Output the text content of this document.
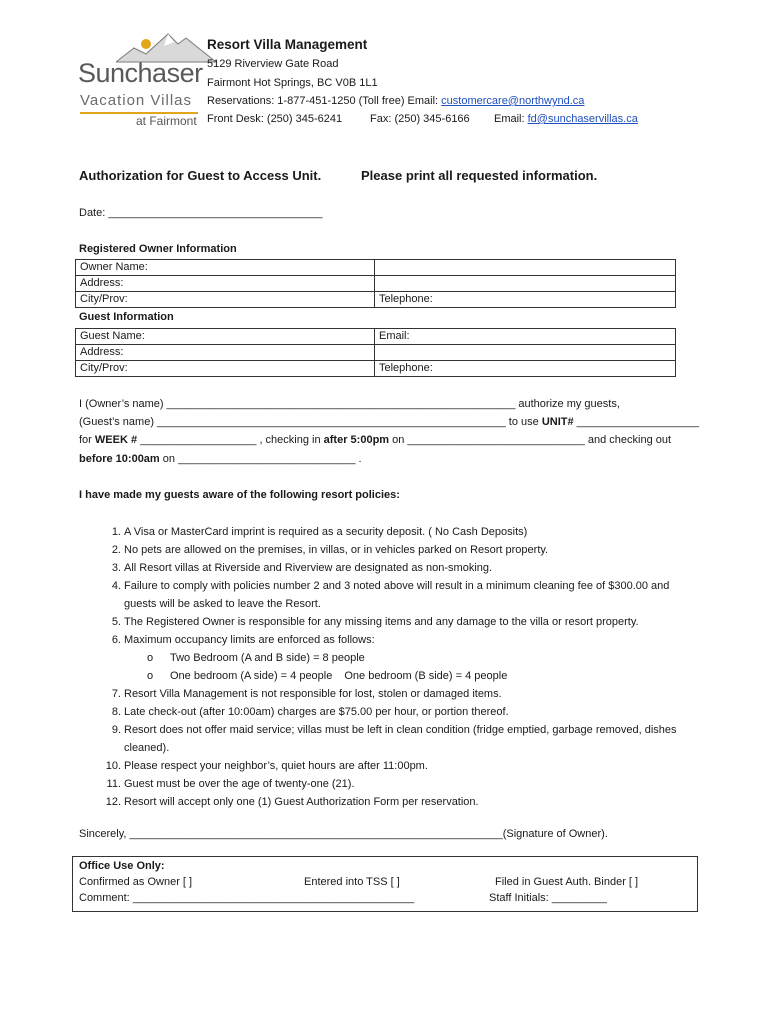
Sunchaser
Vacation Villas
at Fairmont
Resort Villa Management
5129 Riverview Gate Road
Fairmont Hot Springs, BC V0B 1L1
Reservations: 1-877-451-1250 (Toll free) Email: customercare@northwynd.ca
Front Desk: (250) 345-6241	Fax: (250) 345-6166 Email: fd@sunchaservillas.ca
Authorization for Guest to Access Unit.	Please print all requested information.
Date: ___________________________________
Registered Owner Information
Owner Name:	
Address:	
City/Prov:	Telephone:
Guest Information
Guest Name:	Email:
Address:	
City/Prov:	Telephone:
I (Owner’s name) _________________________________________________________ authorize my guests,
(Guest’s name) _________________________________________________________ to use UNIT# ____________________
for WEEK # ___________________ , checking in after 5:00pm on _____________________________ and checking out
before 10:00am on _____________________________ .
I have made my guests aware of the following resort policies:
1. A Visa or MasterCard imprint is required as a security deposit. ( No Cash Deposits)
2. No pets are allowed on the premises, in villas, or in vehicles parked on Resort property.
3. All Resort villas at Riverside and Riverview are designated as non-smoking.
4. Failure to comply with policies number 2 and 3 noted above will result in a minimum cleaning fee of $300.00 and guests will be asked to leave the Resort.
5. The Registered Owner is responsible for any missing items and any damage to the villa or resort property.
6. Maximum occupancy limits are enforced as follows:
o Two Bedroom (A and B side) = 8 people
o One bedroom (A side) = 4 people One bedroom (B side) = 4 people
7. Resort Villa Management is not responsible for lost, stolen or damaged items.
8. Late check-out (after 10:00am) charges are $75.00 per hour, or portion thereof.
9. Resort does not offer maid service; villas must be left in clean condition (fridge emptied, garbage removed, dishes cleaned).
10. Please respect your neighbor’s, quiet hours are after 11:00pm.
11. Guest must be over the age of twenty-one (21).
12. Resort will accept only one (1) Guest Authorization Form per reservation.
Sincerely, _____________________________________________________________(Signature of Owner).
Office Use Only:
Confirmed as Owner [ ]	Entered into TSS [ ]	Filed in Guest Auth. Binder [ ]
Comment: ______________________________________________	Staff Initials: _________
